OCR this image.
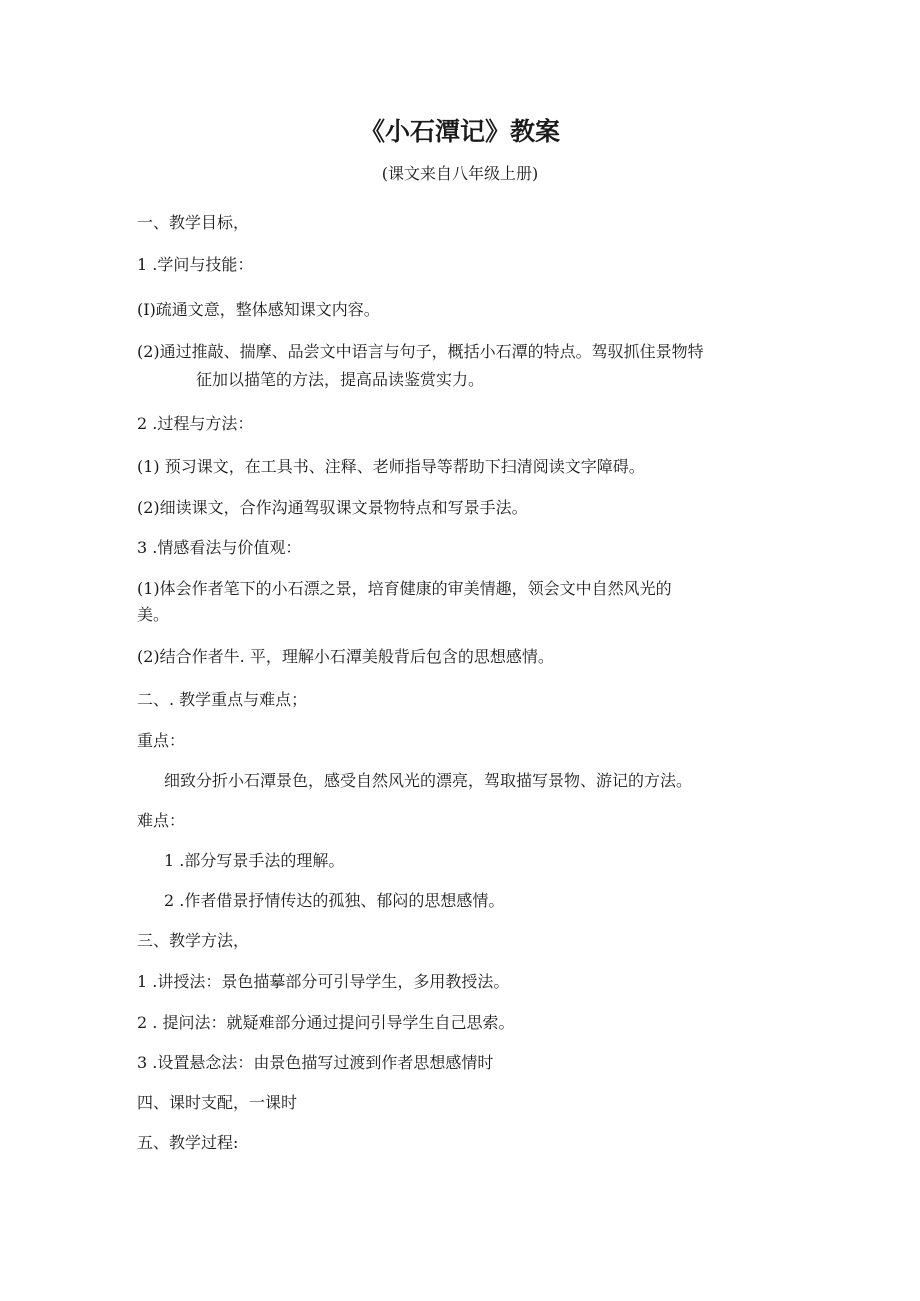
《小石潭记》教案

(课文来自八年级上册)

一、教学目标，

1 .学问与技能：

(I)疏通文意，整体感知课文内容。

(2)通过推敲、揣摩、品尝文中语言与句子，概括小石潭的特点。驾驭抓住景物特

征加以描笔的方法，提高品读鉴赏实力。

2 .过程与方法：

(1) 预习课文，在工具书、注释、老师指导等帮助下扫清阅读文字障碍。

(2)细读课文，合作沟通驾驭课文景物特点和写景手法。

3 .情感看法与价值观：

(1)体会作者笔下的小石漂之景，培育健康的审美情趣，领会文中自然风光的

美。

(2)结合作者牛. 平，理解小石潭美般背后包含的思想感情。

二、. 教学重点与难点；

重点：

细致分折小石潭景色，感受自然风光的漂亮，驾取描写景物、游记的方法。

难点：

1 .部分写景手法的理解。

2 .作者借景抒情传达的孤独、郁闷的思想感情。

三、教学方法，

1 .讲授法：景色描摹部分可引导学生，多用教授法。

2 . 提问法：就疑难部分通过提问引导学生自己思索。

3 .设置悬念法：由景色描写过渡到作者思想感情时

四、课时支配，一课时

五、教学过程:
